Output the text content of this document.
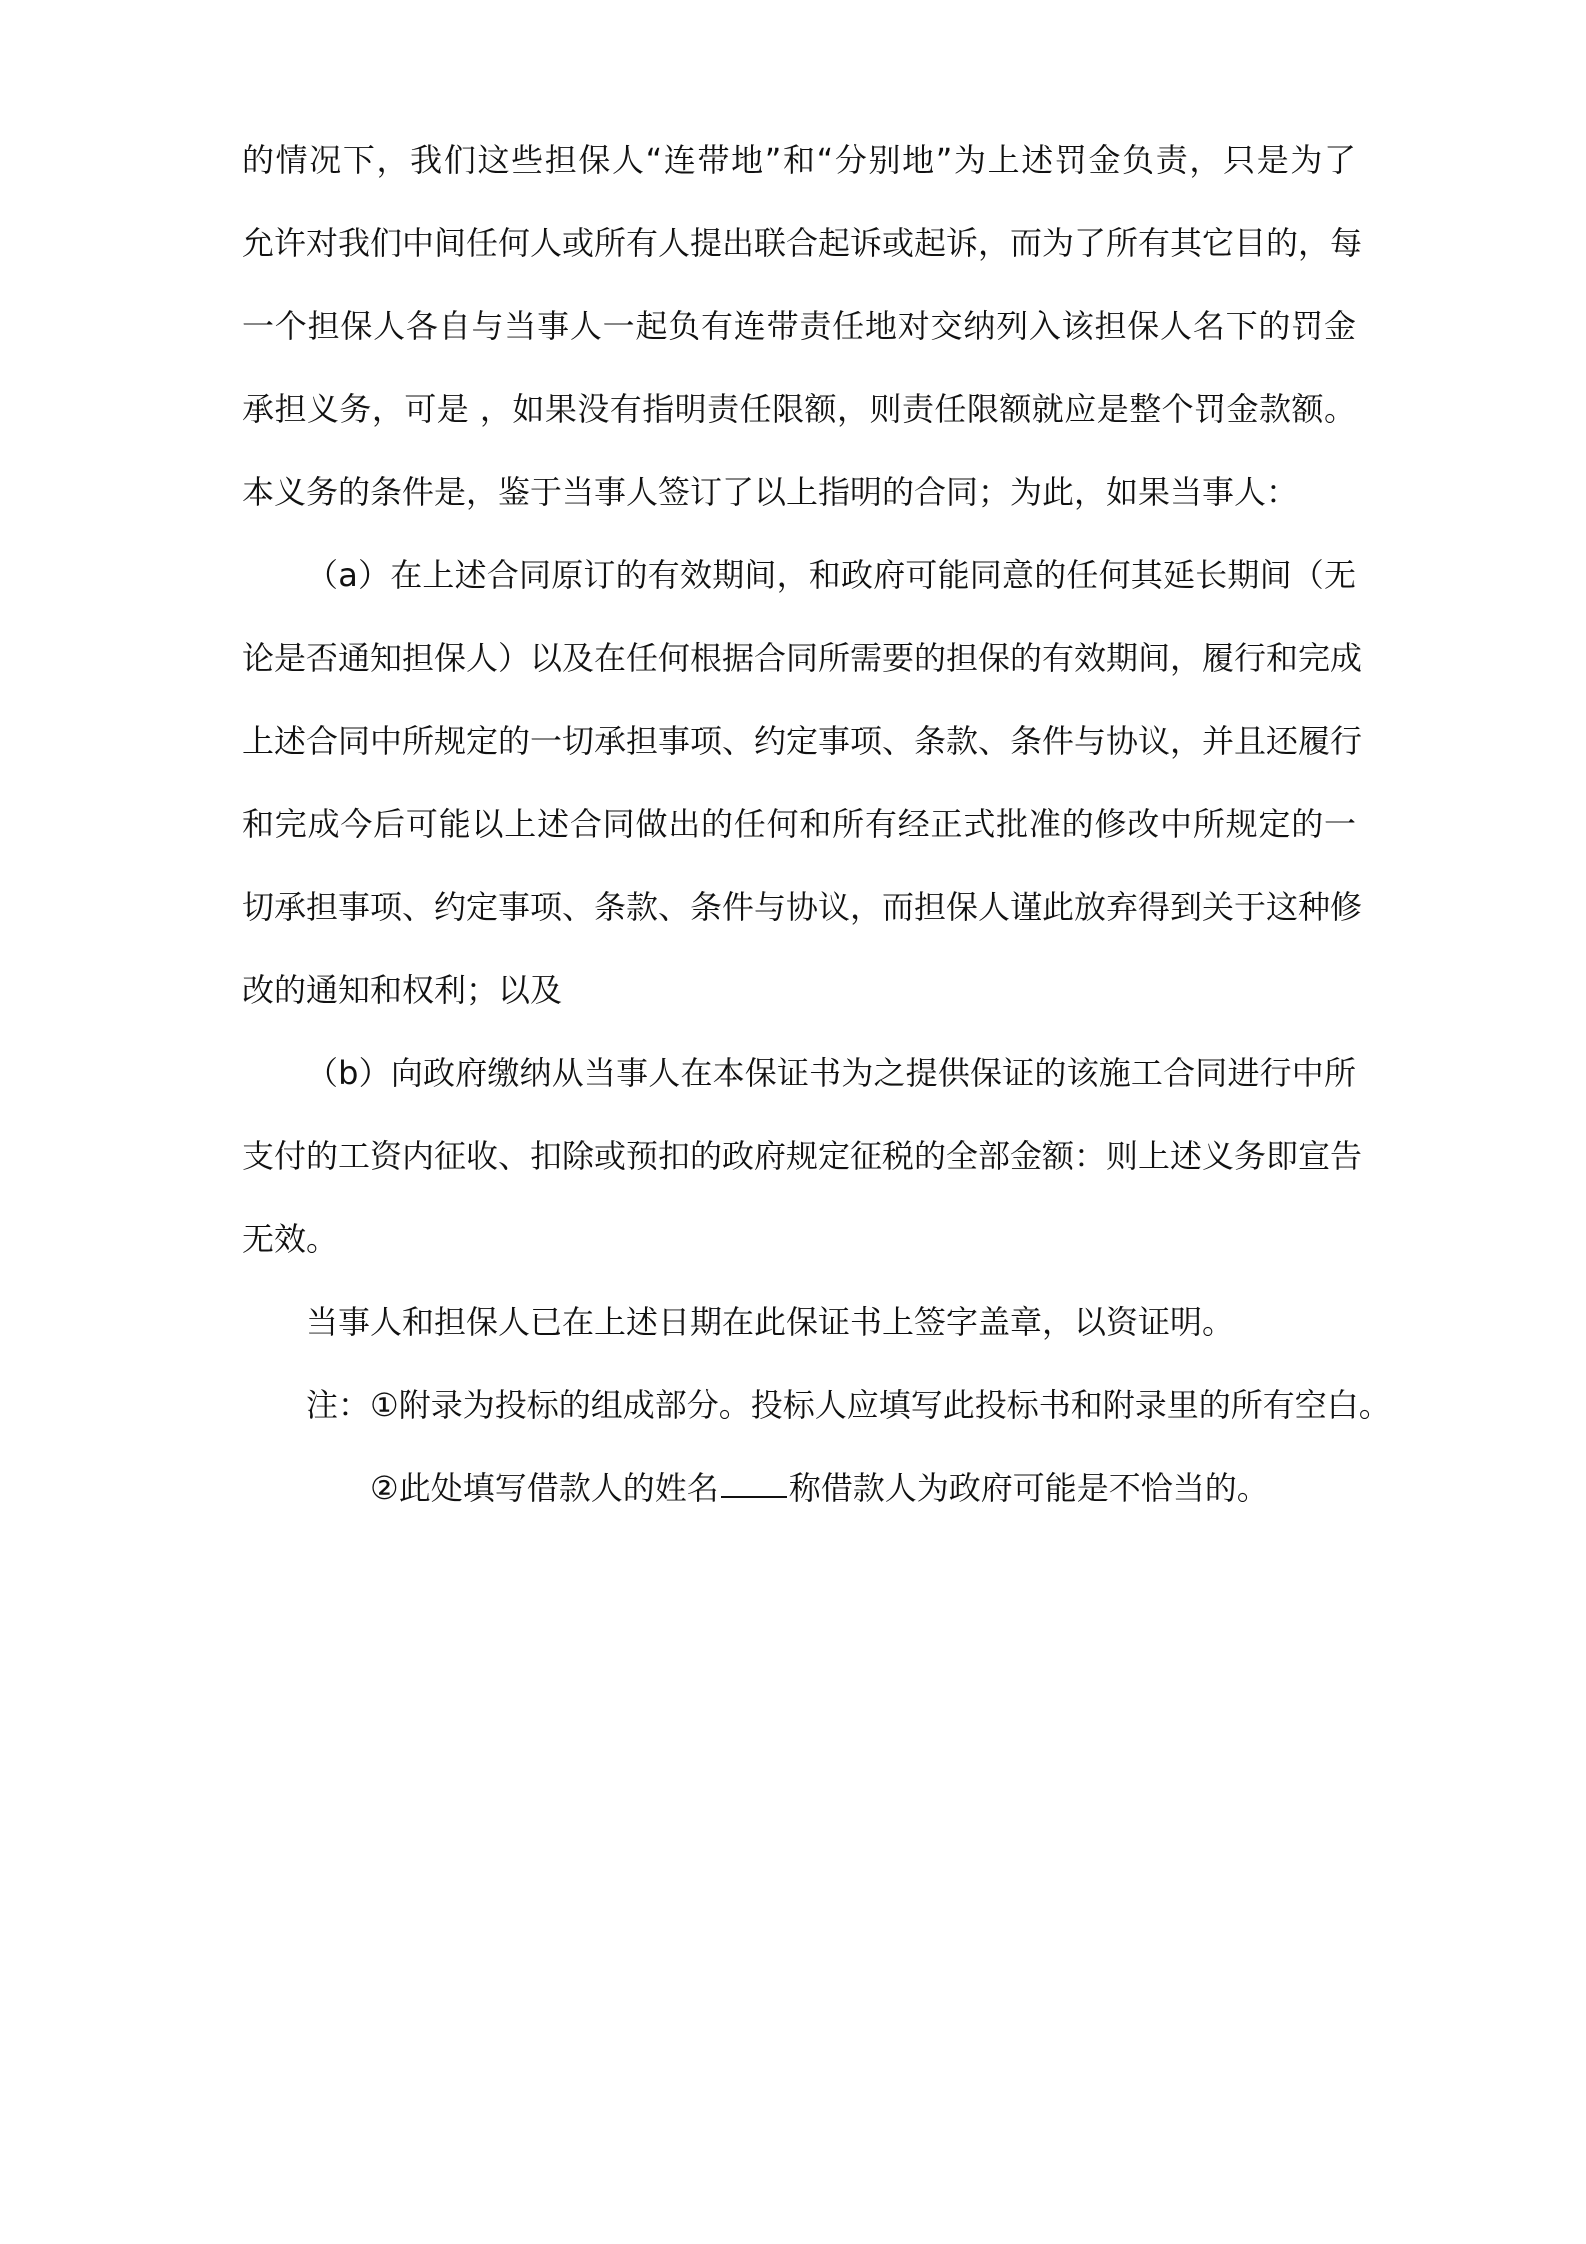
的情况下，我们这些担保人“连带地”和“分别地”为上述罚金负责，只是为了
允许对我们中间任何人或所有人提出联合起诉或起诉，而为了所有其它目的，每
一个担保人各自与当事人一起负有连带责任地对交纳列入该担保人名下的罚金
承担义务，可是 ，如果没有指明责任限额，则责任限额就应是整个罚金款额。
本义务的条件是，鉴于当事人签订了以上指明的合同；为此，如果当事人：
（a）在上述合同原订的有效期间，和政府可能同意的任何其延长期间（无
论是否通知担保人）以及在任何根据合同所需要的担保的有效期间，履行和完成
上述合同中所规定的一切承担事项、约定事项、条款、条件与协议，并且还履行
和完成今后可能以上述合同做出的任何和所有经正式批准的修改中所规定的一
切承担事项、约定事项、条款、条件与协议，而担保人谨此放弃得到关于这种修
改的通知和权利；以及
（b）向政府缴纳从当事人在本保证书为之提供保证的该施工合同进行中所
支付的工资内征收、扣除或预扣的政府规定征税的全部金额：则上述义务即宣告
无效。
当事人和担保人已在上述日期在此保证书上签字盖章，以资证明。
注：①附录为投标的组成部分。投标人应填写此投标书和附录里的所有空白。
②此处填写借款人的姓名 称借款人为政府可能是不恰当的。
